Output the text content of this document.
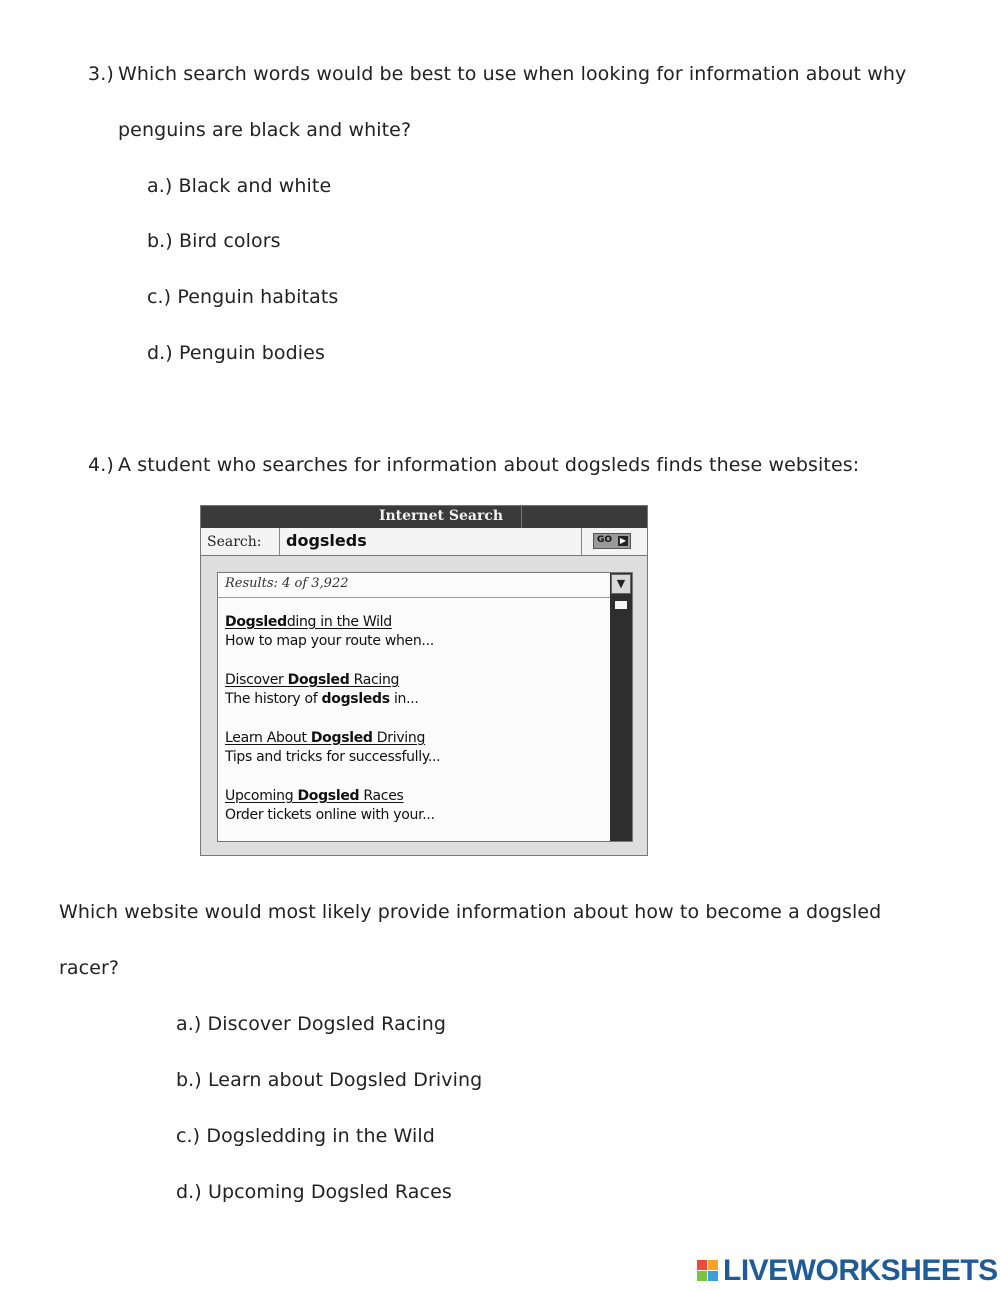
3.) Which search words would be best to use when looking for information about why
penguins are black and white?
a.) Black and white
b.) Bird colors
c.) Penguin habitats
d.) Penguin bodies
4.) A student who searches for information about dogsleds finds these websites:
Internet Search
Search: dogsleds	GO ▶
Results: 4 of 3,922	▼
Dogsledding in the Wild
How to map your route when...
Discover Dogsled Racing
The history of dogsleds in...
Learn About Dogsled Driving
Tips and tricks for successfully...
Upcoming Dogsled Races
Order tickets online with your...
Which website would most likely provide information about how to become a dogsled
racer?
a.) Discover Dogsled Racing
b.) Learn about Dogsled Driving
c.) Dogsledding in the Wild
d.) Upcoming Dogsled Races
LIVEWORKSHEETS
